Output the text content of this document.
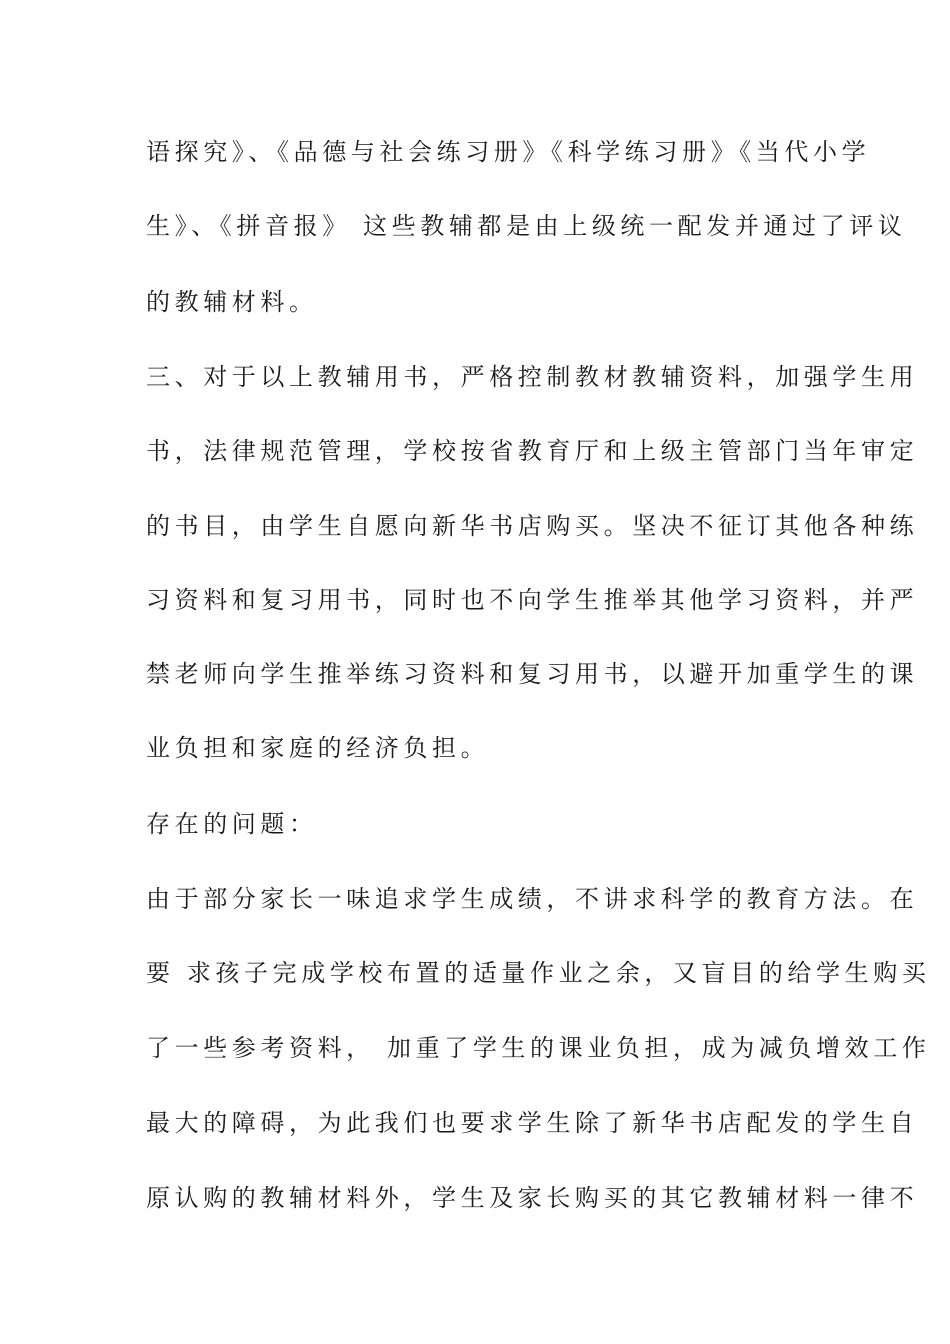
语探究》、《品德与社会练习册》《科学练习册》《当代小学
生》、《拼音报》 这些教辅都是由上级统一配发并通过了评议
的教辅材料。
三、对于以上教辅用书，严格控制教材教辅资料，加强学生用
书，法律规范管理，学校按省教育厅和上级主管部门当年审定
的书目，由学生自愿向新华书店购买。坚决不征订其他各种练
习资料和复习用书，同时也不向学生推举其他学习资料，并严
禁老师向学生推举练习资料和复习用书，以避开加重学生的课
业负担和家庭的经济负担。
存在的问题：
由于部分家长一味追求学生成绩，不讲求科学的教育方法。在
要 求孩子完成学校布置的适量作业之余，又盲目的给学生购买
了一些参考资料， 加重了学生的课业负担，成为减负增效工作
最大的障碍，为此我们也要求学生除了新华书店配发的学生自
原认购的教辅材料外，学生及家长购买的其它教辅材料一律不
